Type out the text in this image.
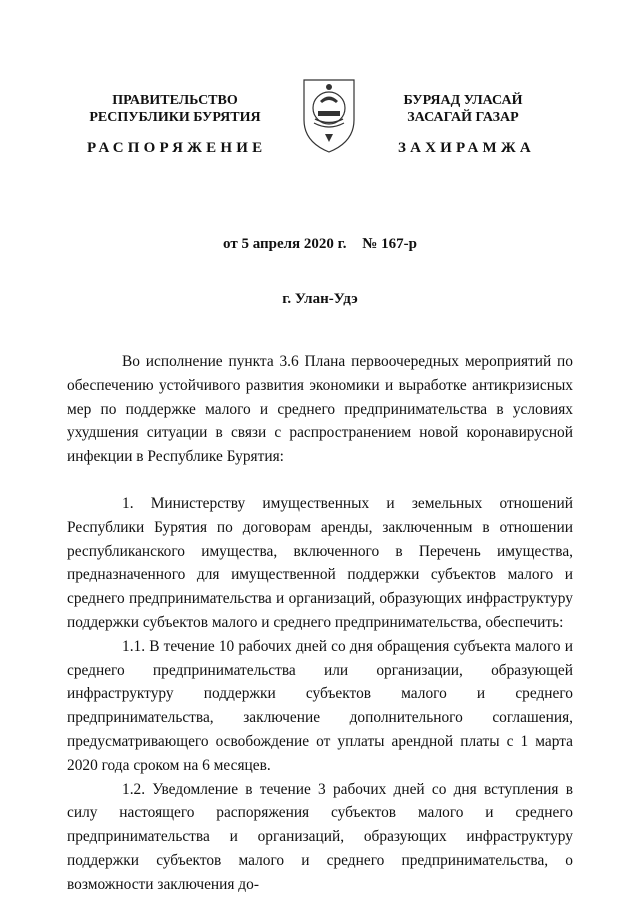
ПРАВИТЕЛЬСТВО
РЕСПУБЛИКИ БУРЯТИЯ
БУРЯАД УЛАСАЙ
ЗАСАГАЙ ГАЗАР
РАСПОРЯЖЕНИЕ	ЗАХИРАМЖА
от 5 апреля 2020 г. № 167-р
г. Улан-Удэ

Во исполнение пункта 3.6 Плана первоочередных мероприятий по обеспечению устойчивого развития экономики и выработке антикризисных мер по поддержке малого и среднего предпринимательства в условиях ухудшения ситуации в связи с распространением новой коронавирусной инфекции в Республике Бурятия:

1. Министерству имущественных и земельных отношений Республики Бурятия по договорам аренды, заключенным в отношении республиканского имущества, включенного в Перечень имущества, предназначенного для имущественной поддержки субъектов малого и среднего предпринимательства и организаций, образующих инфраструктуру поддержки субъектов малого и среднего предпринимательства, обеспечить:

1.1. В течение 10 рабочих дней со дня обращения субъекта малого и среднего предпринимательства или организации, образующей инфраструктуру поддержки субъектов малого и среднего предпринимательства, заключение дополнительного соглашения, предусматривающего освобождение от уплаты арендной платы с 1 марта 2020 года сроком на 6 месяцев.

1.2. Уведомление в течение 3 рабочих дней со дня вступления в силу настоящего распоряжения субъектов малого и среднего предпринимательства и организаций, образующих инфраструктуру поддержки субъектов малого и среднего предпринимательства, о возможности заключения до-
